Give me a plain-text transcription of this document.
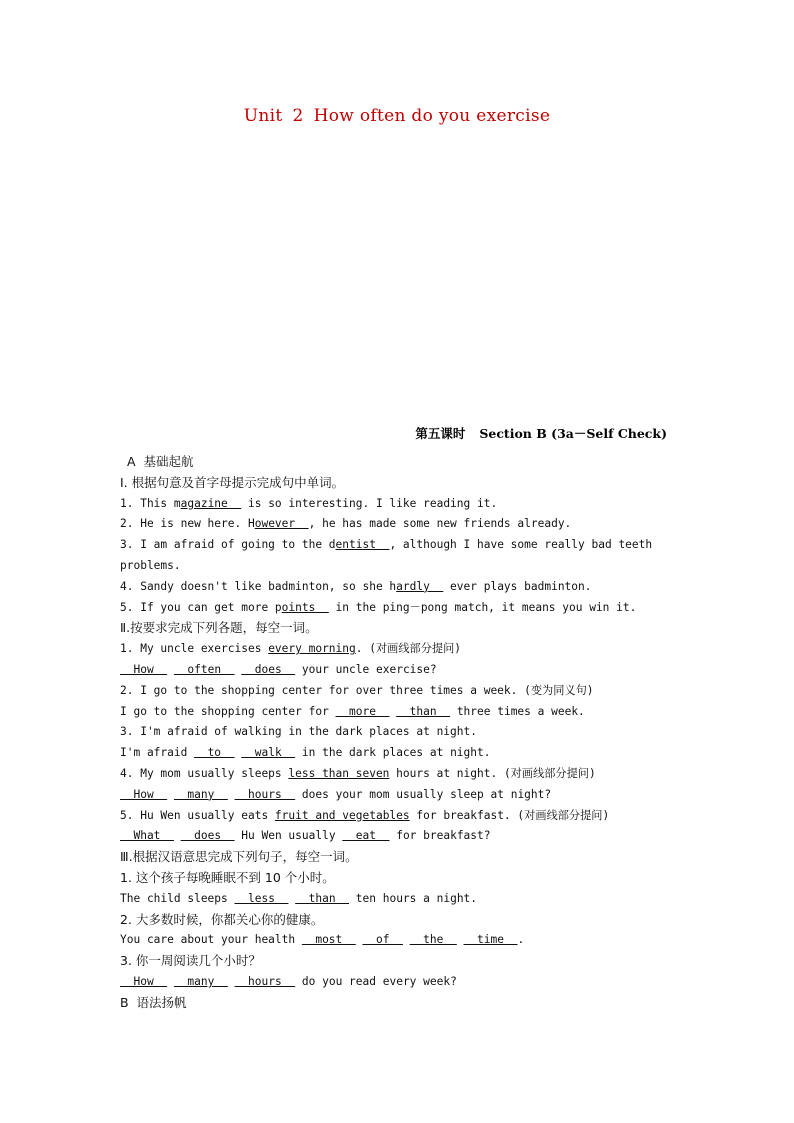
Unit 2 How often do you exercise
第五课时 Section B (3a－Self Check)
A  基础起航
Ⅰ. 根据句意及首字母提示完成句中单词。
1. This magazine   is so interesting. I like reading it.
2. He is new here. However  , he has made some new friends already.
3. I am afraid of going to the dentist  , although I have some really bad teeth
problems.
4. Sandy doesn't like badminton, so she hardly   ever plays badminton.
5. If you can get more points   in the ping－pong match, it means you win it.
Ⅱ.按要求完成下列各题，每空一词。
1. My uncle exercises every morning. (对画线部分提问)
How     often     does   your uncle exercise?
2. I go to the shopping center for over three times a week. (变为同义句)
I go to the shopping center for   more     than   three times a week.
3. I'm afraid of walking in the dark places at night.
I'm afraid   to     walk   in the dark places at night.
4. My mom usually sleeps less than seven hours at night. (对画线部分提问)
How     many     hours   does your mom usually sleep at night?
5. Hu Wen usually eats fruit and vegetables for breakfast. (对画线部分提问)
What     does   Hu Wen usually   eat   for breakfast?
Ⅲ.根据汉语意思完成下列句子，每空一词。
1. 这个孩子每晚睡眠不到 10 个小时。
The child sleeps   less     than   ten hours a night.
2. 大多数时候，你都关心你的健康。
You care about your health   most     of     the     time  .
3. 你一周阅读几个小时？
How     many     hours   do you read every week?
B  语法扬帆
